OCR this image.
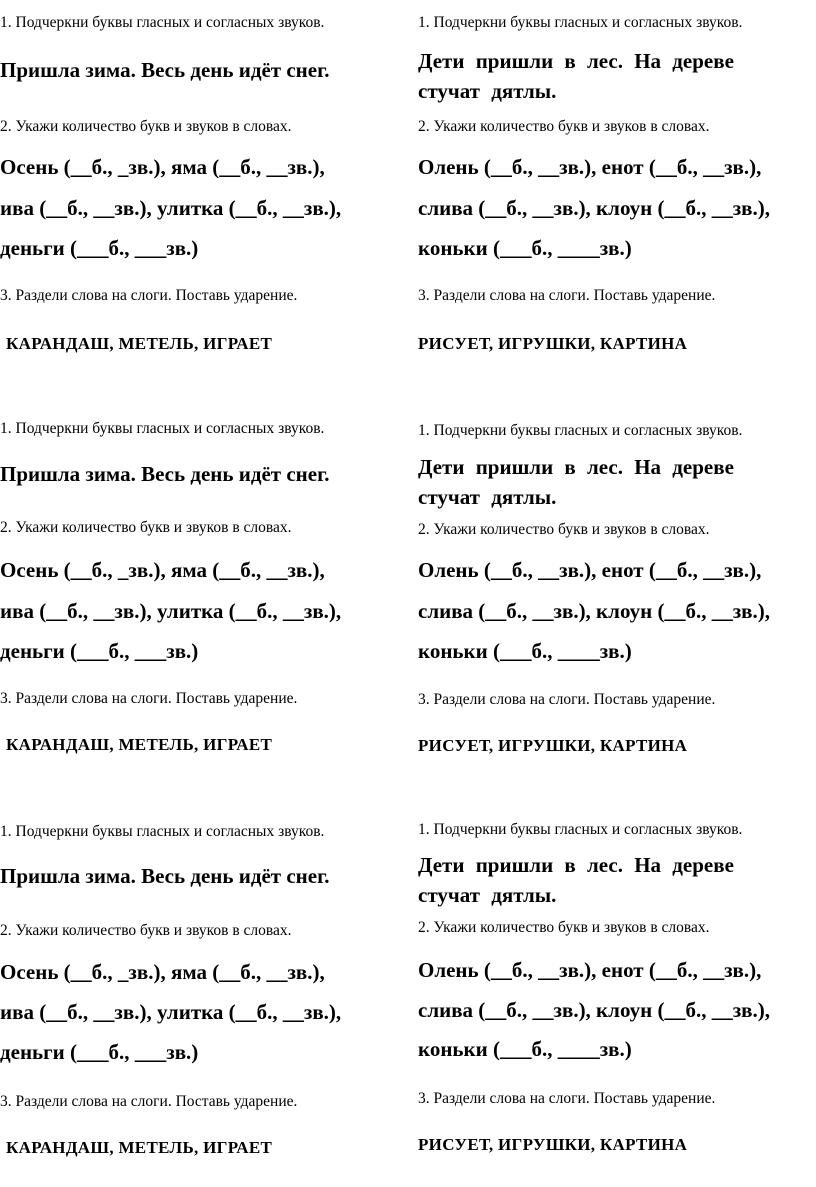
1. Подчеркни буквы гласных и согласных звуков.
Пришла зима. Весь день идёт снег.
2. Укажи количество букв и звуков в словах.
Осень (__б., _зв.), яма (__б., __зв.),
ива (__б., __зв.), улитка (__б., __зв.),
деньги (___б., ___зв.)
3. Раздели слова на слоги. Поставь ударение.
КАРАНДАШ, МЕТЕЛЬ, ИГРАЕТ
1. Подчеркни буквы гласных и согласных звуков.
Дети пришли в лес. На дереве стучат дятлы.
2. Укажи количество букв и звуков в словах.
Олень (__б., __зв.), енот (__б., __зв.),
слива (__б., __зв.), клоун (__б., __зв.),
коньки (___б., ____зв.)
3. Раздели слова на слоги. Поставь ударение.
РИСУЕТ, ИГРУШКИ, КАРТИНА
1. Подчеркни буквы гласных и согласных звуков.
Пришла зима. Весь день идёт снег.
2. Укажи количество букв и звуков в словах.
Осень (__б., _зв.), яма (__б., __зв.),
ива (__б., __зв.), улитка (__б., __зв.),
деньги (___б., ___зв.)
3. Раздели слова на слоги. Поставь ударение.
КАРАНДАШ, МЕТЕЛЬ, ИГРАЕТ
1. Подчеркни буквы гласных и согласных звуков.
Дети пришли в лес. На дереве стучат дятлы.
2. Укажи количество букв и звуков в словах.
Олень (__б., __зв.), енот (__б., __зв.),
слива (__б., __зв.), клоун (__б., __зв.),
коньки (___б., ____зв.)
3. Раздели слова на слоги. Поставь ударение.
РИСУЕТ, ИГРУШКИ, КАРТИНА
1. Подчеркни буквы гласных и согласных звуков.
Пришла зима. Весь день идёт снег.
2. Укажи количество букв и звуков в словах.
Осень (__б., _зв.), яма (__б., __зв.),
ива (__б., __зв.), улитка (__б., __зв.),
деньги (___б., ___зв.)
3. Раздели слова на слоги. Поставь ударение.
КАРАНДАШ, МЕТЕЛЬ, ИГРАЕТ
1. Подчеркни буквы гласных и согласных звуков.
Дети пришли в лес. На дереве стучат дятлы.
2. Укажи количество букв и звуков в словах.
Олень (__б., __зв.), енот (__б., __зв.),
слива (__б., __зв.), клоун (__б., __зв.),
коньки (___б., ____зв.)
3. Раздели слова на слоги. Поставь ударение.
РИСУЕТ, ИГРУШКИ, КАРТИНА
